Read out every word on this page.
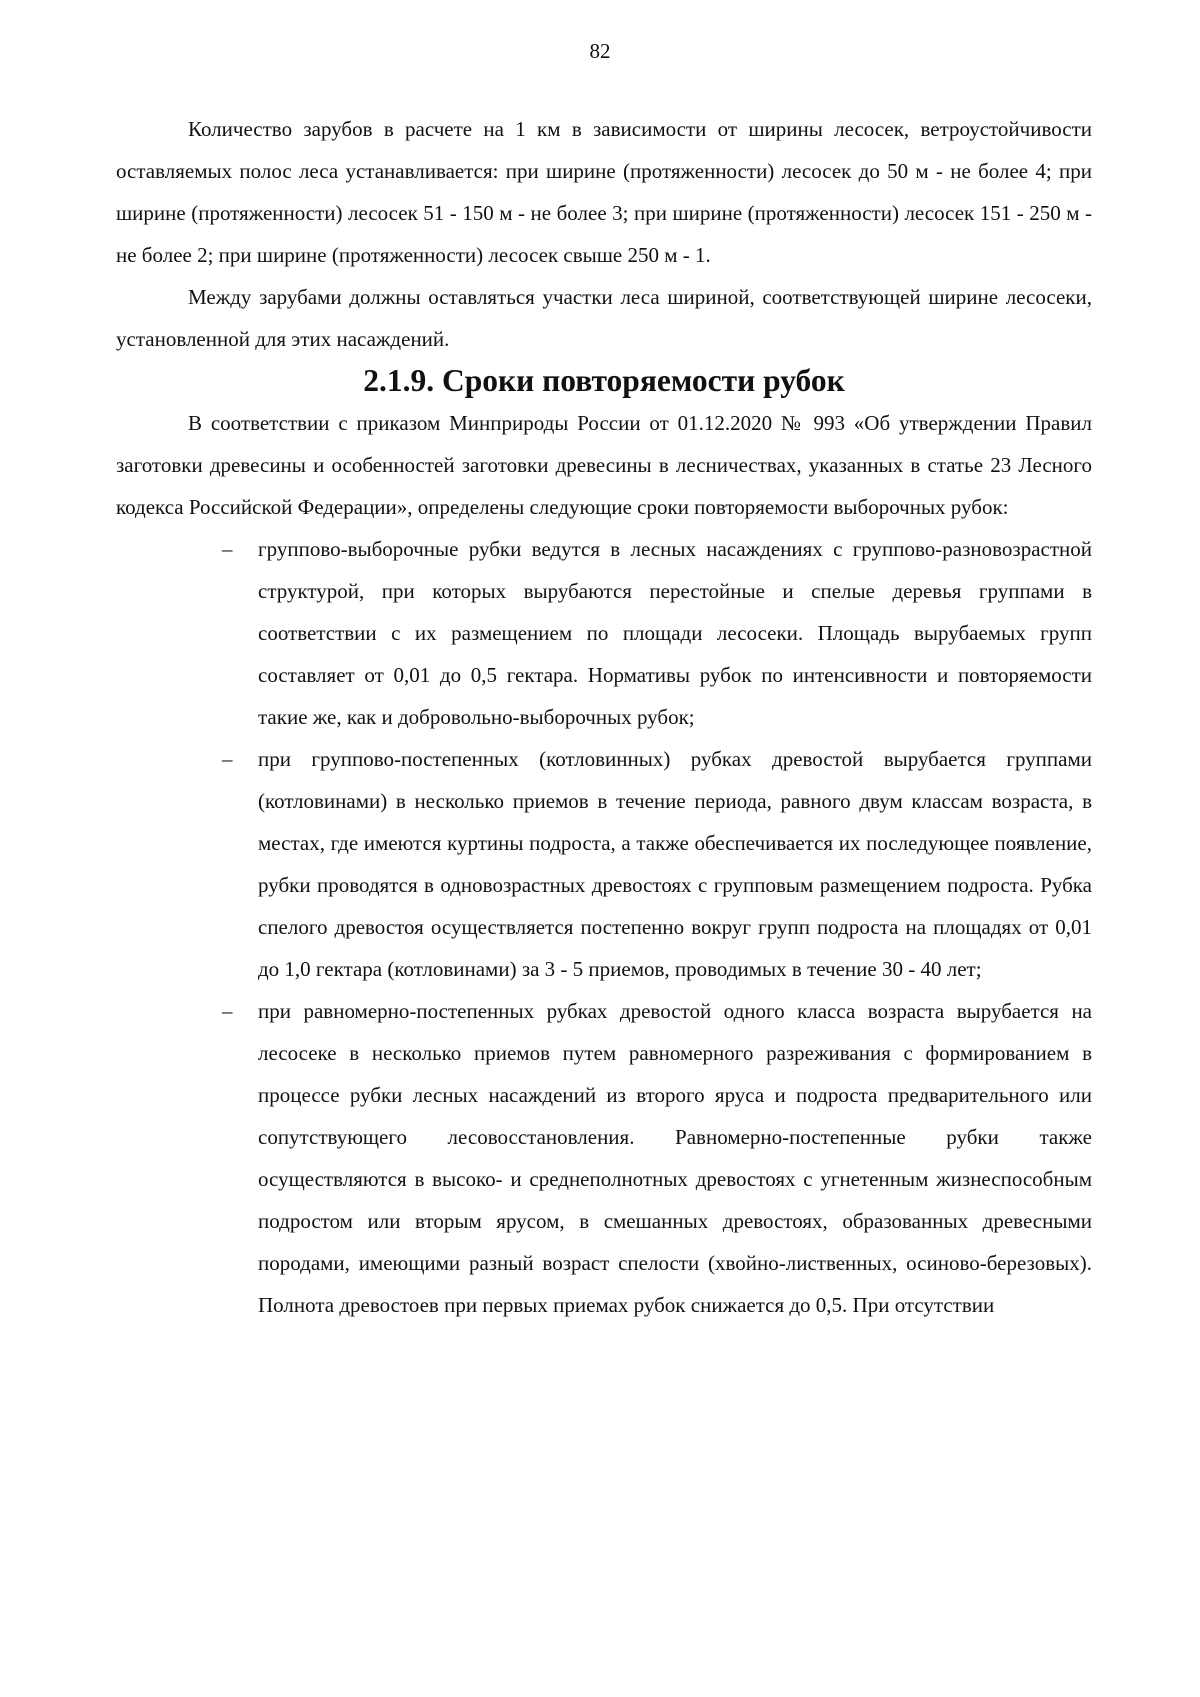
82

Количество зарубов в расчете на 1 км в зависимости от ширины лесосек, ветроустойчивости оставляемых полос леса устанавливается: при ширине (протяженности) лесосек до 50 м - не более 4; при ширине (протяженности) лесосек 51 - 150 м - не более 3; при ширине (протяженности) лесосек 151 - 250 м - не более 2; при ширине (протяженности) лесосек свыше 250 м - 1.

Между зарубами должны оставляться участки леса шириной, соответствующей ширине лесосеки, установленной для этих насаждений.

2.1.9. Сроки повторяемости рубок

В соответствии с приказом Минприроды России от 01.12.2020 № 993 «Об утверждении Правил заготовки древесины и особенностей заготовки древесины в лесничествах, указанных в статье 23 Лесного кодекса Российской Федерации», определены следующие сроки повторяемости выборочных рубок:

– группово-выборочные рубки ведутся в лесных насаждениях с группово-разновозрастной структурой, при которых вырубаются перестойные и спелые деревья группами в соответствии с их размещением по площади лесосеки. Площадь вырубаемых групп составляет от 0,01 до 0,5 гектара. Нормативы рубок по интенсивности и повторяемости такие же, как и добровольно-выборочных рубок;
– при группово-постепенных (котловинных) рубках древостой вырубается группами (котловинами) в несколько приемов в течение периода, равного двум классам возраста, в местах, где имеются куртины подроста, а также обеспечивается их последующее появление, рубки проводятся в одновозрастных древостоях с групповым размещением подроста. Рубка спелого древостоя осуществляется постепенно вокруг групп подроста на площадях от 0,01 до 1,0 гектара (котловинами) за 3 - 5 приемов, проводимых в течение 30 - 40 лет;
– при равномерно-постепенных рубках древостой одного класса возраста вырубается на лесосеке в несколько приемов путем равномерного разреживания с формированием в процессе рубки лесных насаждений из второго яруса и подроста предварительного или сопутствующего лесовосстановления. Равномерно-постепенные рубки также осуществляются в высоко- и среднеполнотных древостоях с угнетенным жизнеспособным подростом или вторым ярусом, в смешанных древостоях, образованных древесными породами, имеющими разный возраст спелости (хвойно-лиственных, осиново-березовых). Полнота древостоев при первых приемах рубок снижается до 0,5. При отсутствии
